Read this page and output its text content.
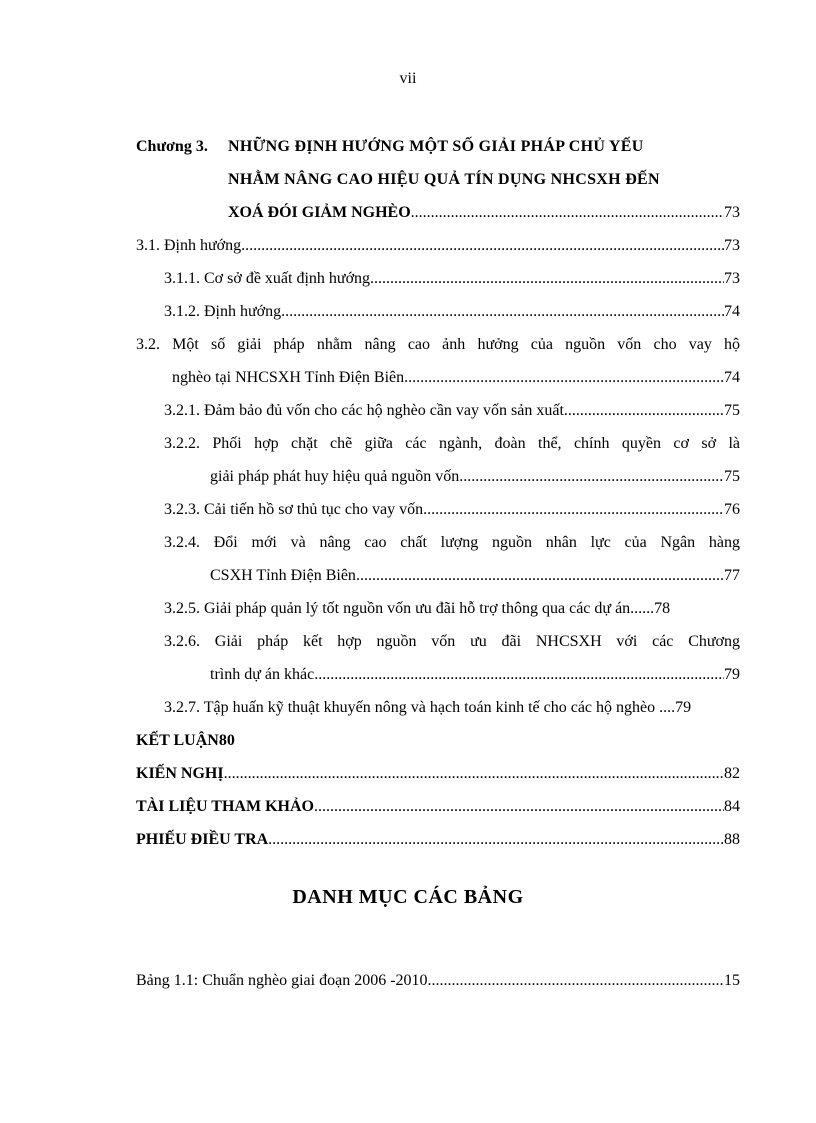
vii
Chương 3. NHỮNG ĐỊNH HƯỚNG MỘT SỐ GIẢI PHÁP CHỦ YẾU
NHẰM NÂNG CAO HIỆU QUẢ TÍN DỤNG NHCSXH ĐẾN
XOÁ ĐÓI GIẢM NGHÈO .....	73
3.1. Định hướng .....	73
3.1.1. Cơ sở đề xuất định hướng .....	73
3.1.2. Định hướng .....	74
3.2. Một số giải pháp nhằm nâng cao ảnh hưởng của nguồn vốn cho vay hộ
nghèo tại NHCSXH Tỉnh Điện Biên .....	74
3.2.1. Đảm bảo đủ vốn cho các hộ nghèo cần vay vốn sản xuất .....	75
3.2.2. Phối hợp chặt chẽ giữa các ngành, đoàn thể, chính quyền cơ sở là
giải pháp phát huy hiệu quả nguồn vốn .....	75
3.2.3. Cải tiến hồ sơ thủ tục cho vay vốn .....	76
3.2.4. Đổi mới và nâng cao chất lượng nguồn nhân lực của Ngân hàng
CSXH Tỉnh Điện Biên .....	77
3.2.5. Giải pháp quản lý tốt nguồn vốn ưu đãi hỗ trợ thông qua các dự án...... 78
3.2.6. Giải pháp kết hợp nguồn vốn ưu đãi NHCSXH với các Chương
trình dự án khác .....	79
3.2.7. Tập huấn kỹ thuật khuyến nông và hạch toán kinh tế cho các hộ nghèo .... 79
KẾT LUẬN80
KIẾN NGHỊ .....	82
TÀI LIỆU THAM KHẢO .....	84
PHIẾU ĐIỀU TRA .....	88
DANH MỤC CÁC BẢNG
Bảng 1.1: Chuẩn nghèo giai đoạn 2006 -2010 .....	15
